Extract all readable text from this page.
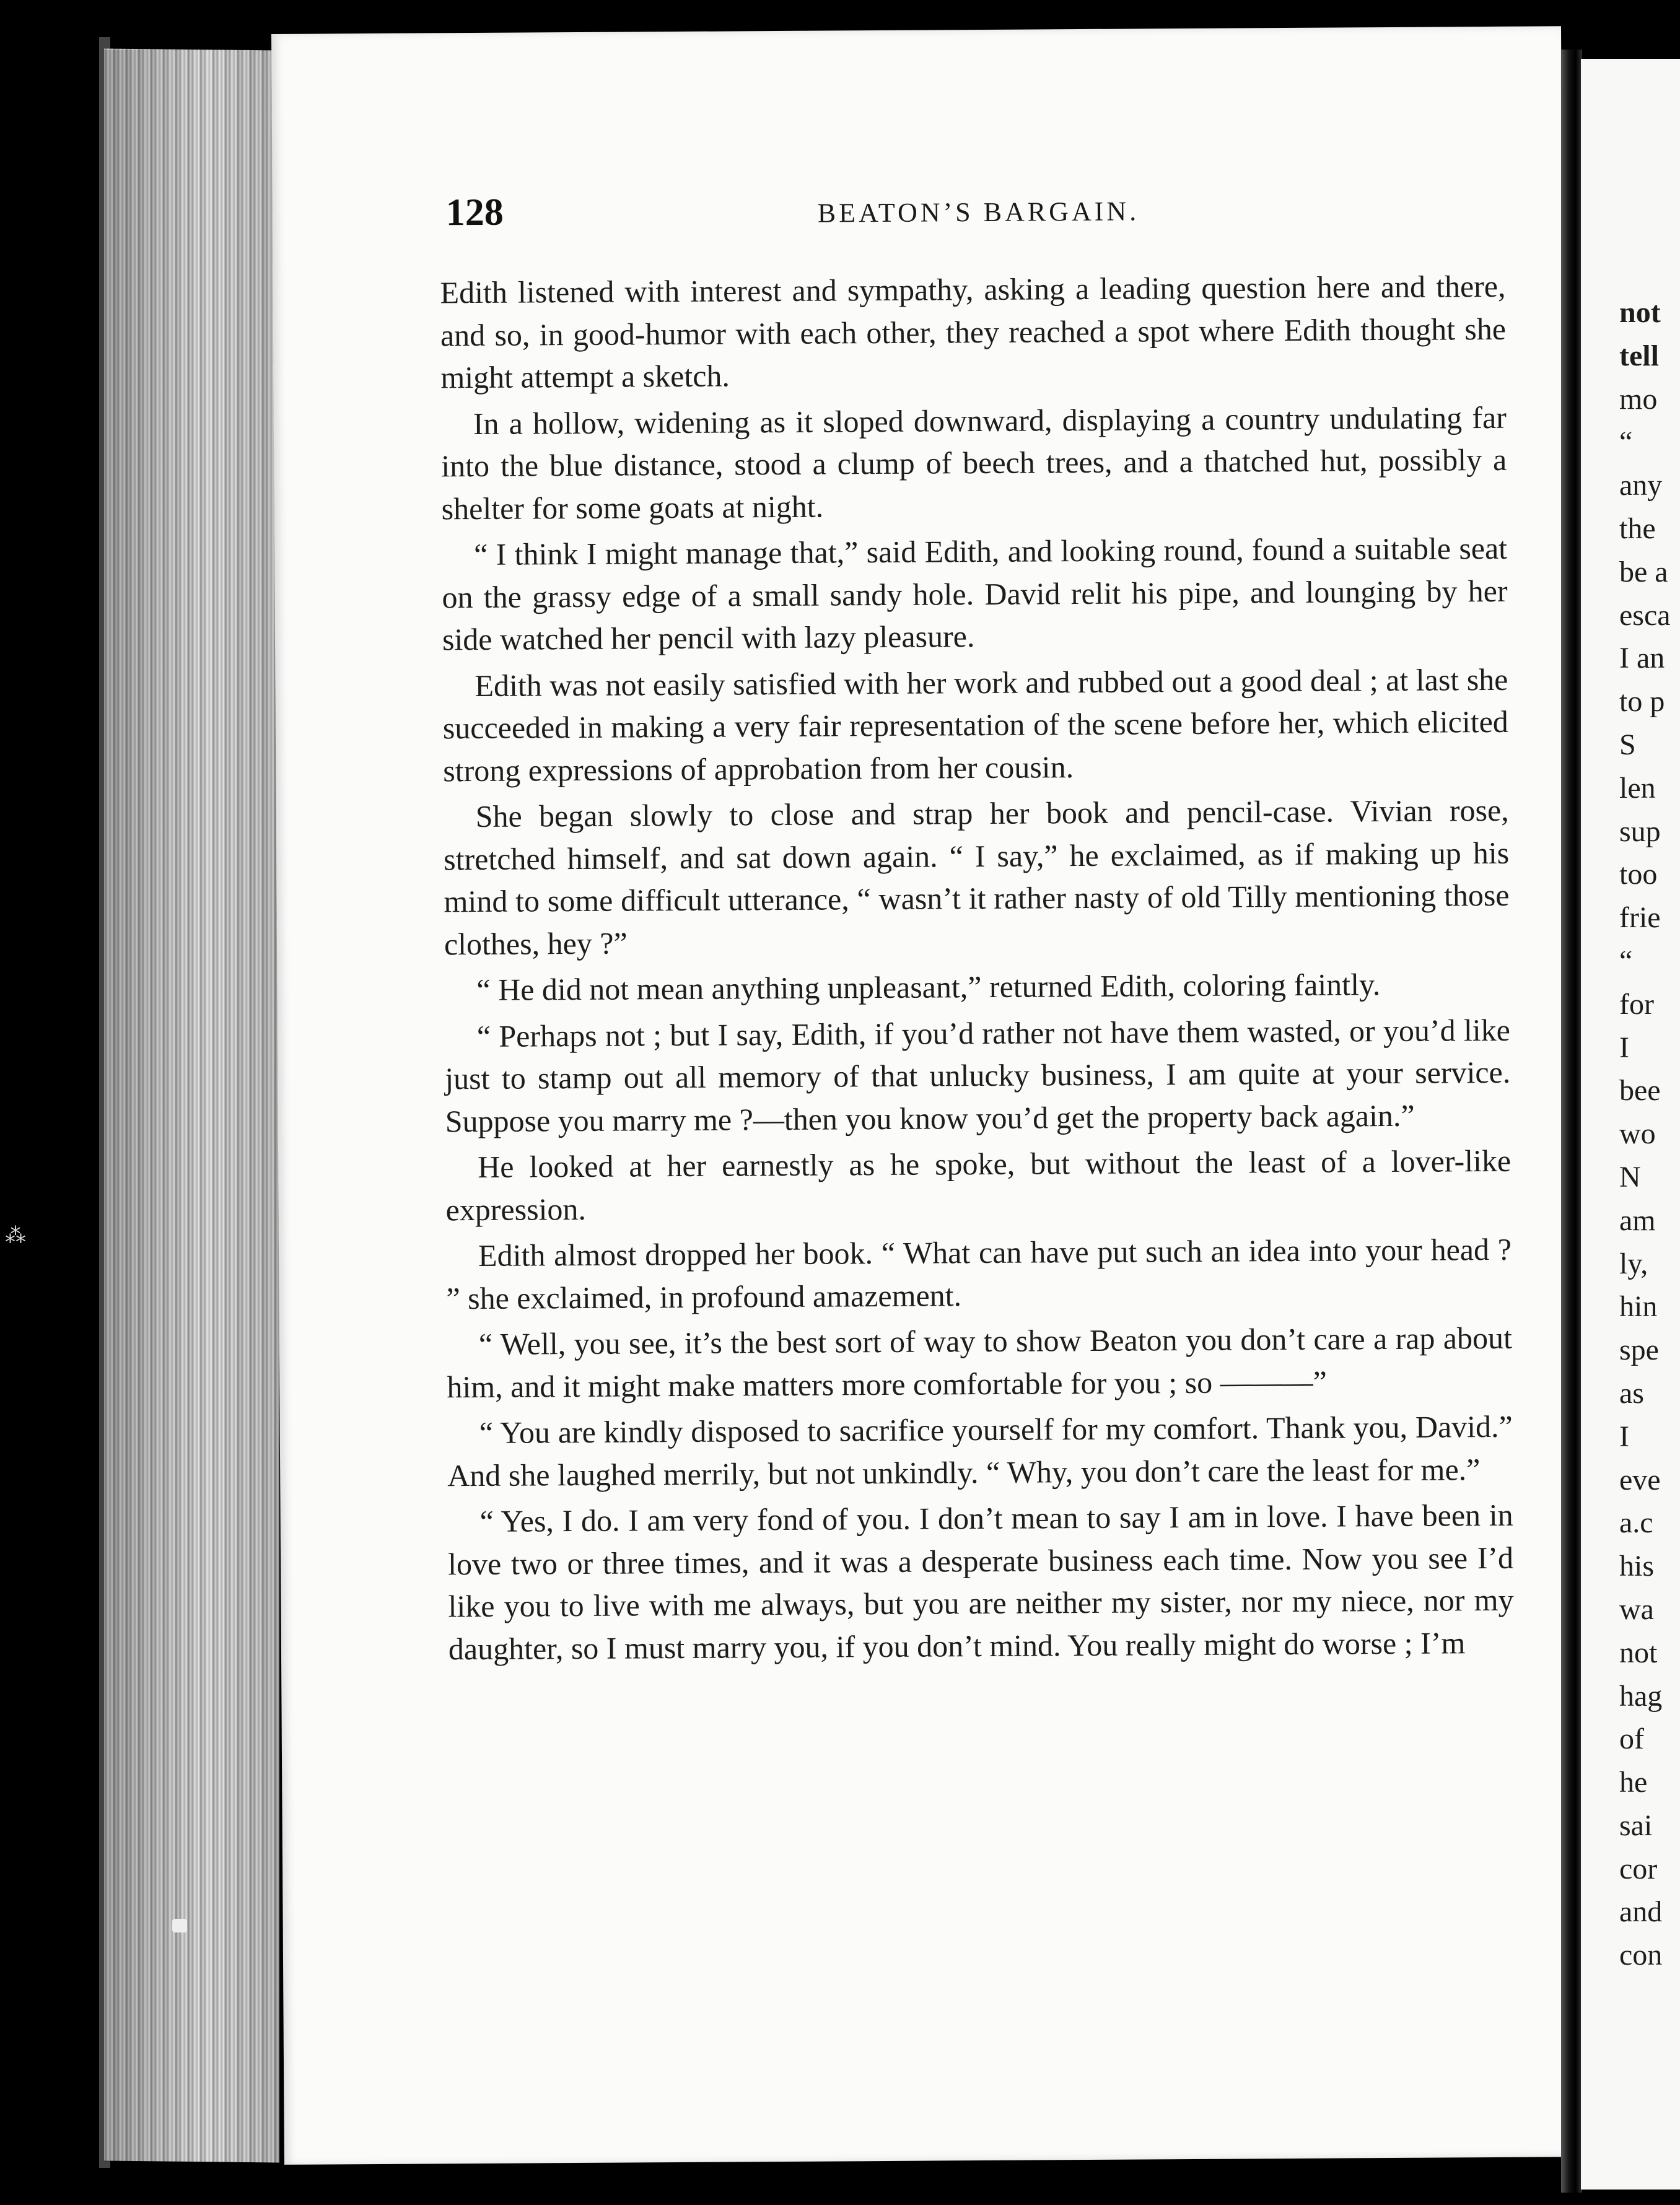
128	BEATON’S BARGAIN.

Edith listened with interest and sympathy, asking a leading question here and there, and so, in good-humor with each other, they reached a spot where Edith thought she might attempt a sketch.

In a hollow, widening as it sloped downward, displaying a country undulating far into the blue distance, stood a clump of beech trees, and a thatched hut, possibly a shelter for some goats at night.

“ I think I might manage that,” said Edith, and looking round, found a suitable seat on the grassy edge of a small sandy hole. David relit his pipe, and lounging by her side watched her pencil with lazy pleasure.

Edith was not easily satisfied with her work and rubbed out a good deal ; at last she succeeded in making a very fair representation of the scene before her, which elicited strong expressions of approbation from her cousin.

She began slowly to close and strap her book and pencil-case. Vivian rose, stretched himself, and sat down again. “ I say,” he exclaimed, as if making up his mind to some difficult utterance, “ wasn’t it rather nasty of old Tilly mentioning those clothes, hey ?”

“ He did not mean anything unpleasant,” returned Edith, coloring faintly.

“ Perhaps not ; but I say, Edith, if you’d rather not have them wasted, or you’d like just to stamp out all memory of that unlucky business, I am quite at your service. Suppose you marry me ?—then you know you’d get the property back again.”

He looked at her earnestly as he spoke, but without the least of a lover-like expression.

Edith almost dropped her book. “ What can have put such an idea into your head ? ” she exclaimed, in profound amazement.

“ Well, you see, it’s the best sort of way to show Beaton you don’t care a rap about him, and it might make matters more comfortable for you ; so ———”

“ You are kindly disposed to sacrifice yourself for my comfort. Thank you, David.” And she laughed merrily, but not unkindly. “ Why, you don’t care the least for me.”

“ Yes, I do. I am very fond of you. I don’t mean to say I am in love. I have been in love two or three times, and it was a desperate business each time. Now you see I’d like you to live with me always, but you are neither my sister, nor my niece, nor my daughter, so I must marry you, if you don’t mind. You really might do worse ; I’m

not
tell
mo
“
any
the
be a
esca
I an
to p
S
len
sup
too
frie
“
for
I
bee
wo
N
am
ly,
hin
spe
as
I
eve
a.c
his
wa
not
hag
of
he
sai
cor
and
con
⁂
